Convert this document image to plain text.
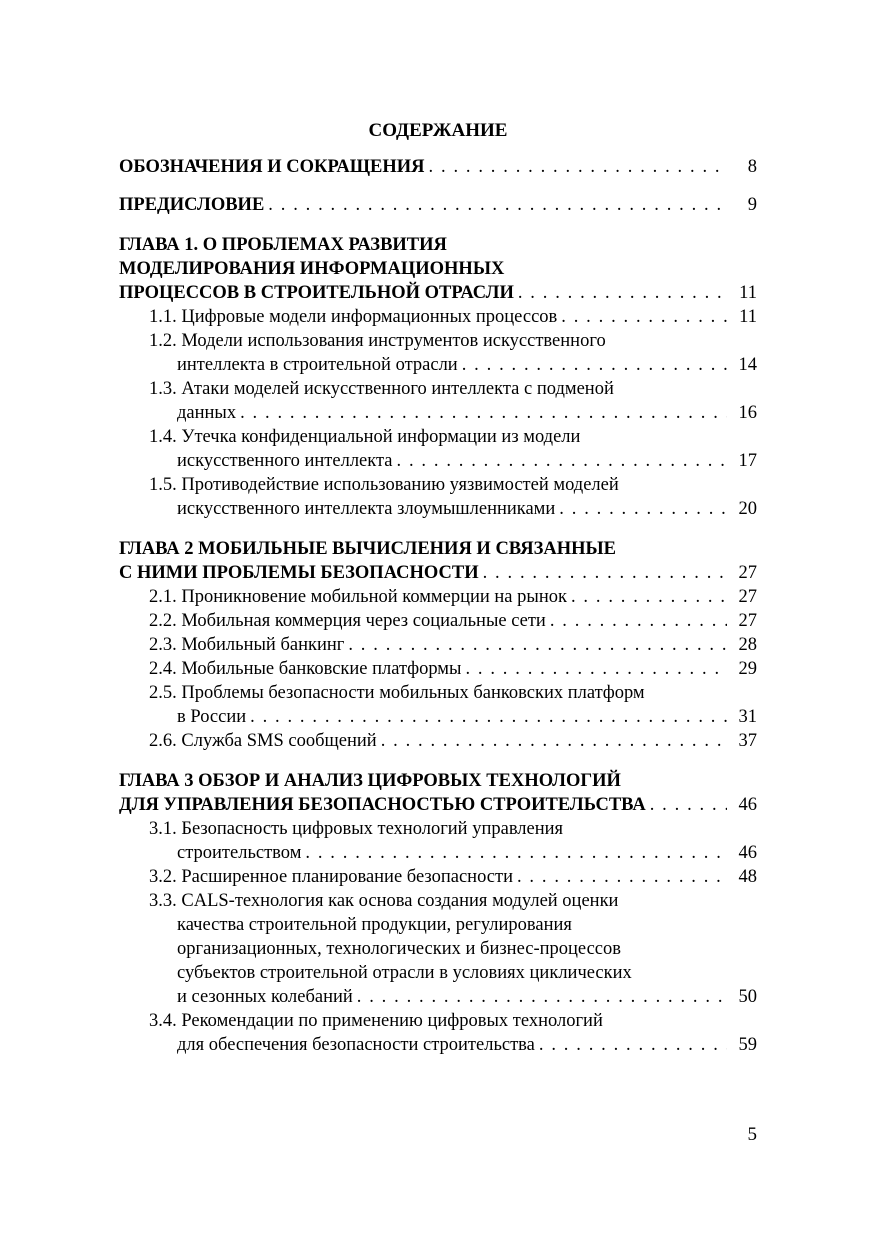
СОДЕРЖАНИЕ
ОБОЗНАЧЕНИЯ И СОКРАЩЕНИЯ . . .	8
ПРЕДИСЛОВИЕ . . .	9
ГЛАВА 1. О ПРОБЛЕМАХ РАЗВИТИЯ
МОДЕЛИРОВАНИЯ ИНФОРМАЦИОННЫХ
ПРОЦЕССОВ В СТРОИТЕЛЬНОЙ ОТРАСЛИ . . .	11
1.1. Цифровые модели информационных процессов . . .	11
1.2. Модели использования инструментов искусственного
интеллекта в строительной отрасли . . .	14
1.3. Атаки моделей искусственного интеллекта с подменой
данных . . .	16
1.4. Утечка конфиденциальной информации из модели
искусственного интеллекта . . .	17
1.5. Противодействие использованию уязвимостей моделей
искусственного интеллекта злоумышленниками . . .	20
ГЛАВА 2 МОБИЛЬНЫЕ ВЫЧИСЛЕНИЯ И СВЯЗАННЫЕ
С НИМИ ПРОБЛЕМЫ БЕЗОПАСНОСТИ . . .	27
2.1. Проникновение мобильной коммерции на рынок . . .	27
2.2. Мобильная коммерция через социальные сети . . .	27
2.3. Мобильный банкинг . . .	28
2.4. Мобильные банковские платформы . . .	29
2.5. Проблемы безопасности мобильных банковских платформ
в России . . .	31
2.6. Служба SMS сообщений . . .	37
ГЛАВА 3 ОБЗОР И АНАЛИЗ ЦИФРОВЫХ ТЕХНОЛОГИЙ
ДЛЯ УПРАВЛЕНИЯ БЕЗОПАСНОСТЬЮ СТРОИТЕЛЬСТВА . . .	46
3.1. Безопасность цифровых технологий управления
строительством . . .	46
3.2. Расширенное планирование безопасности . . .	48
3.3. CALS-технология как основа создания модулей оценки
качества строительной продукции, регулирования
организационных, технологических и бизнес-процессов
субъектов строительной отрасли в условиях циклических
и сезонных колебаний . . .	50
3.4. Рекомендации по применению цифровых технологий
для обеспечения безопасности строительства . . .	59
5
